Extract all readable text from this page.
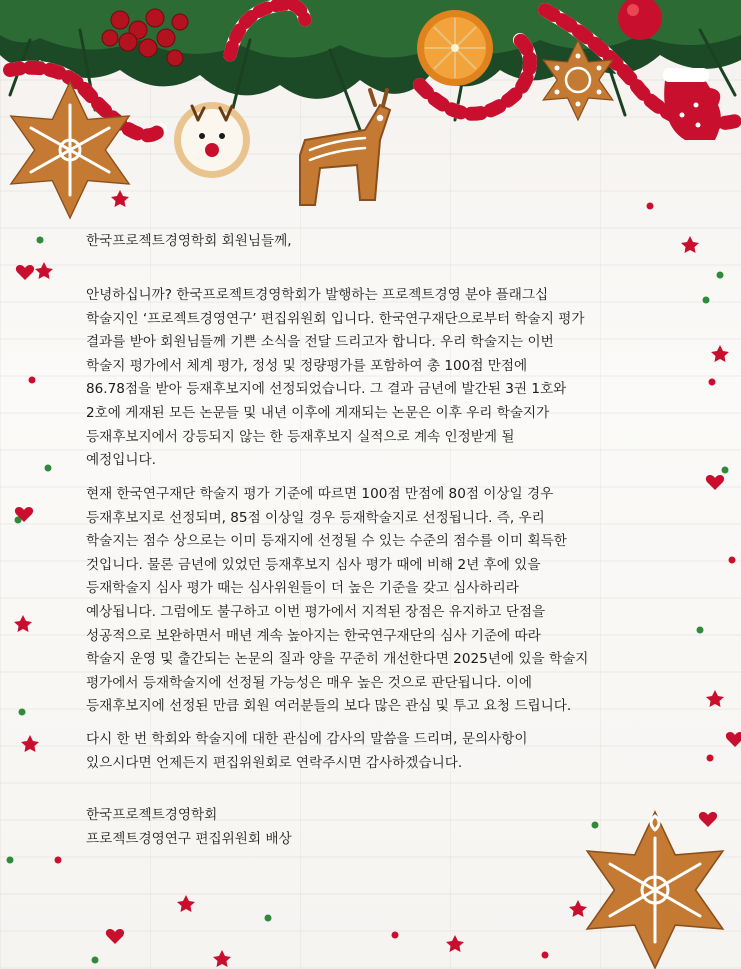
한국프로젝트경영학회 회원님들께,

안녕하십니까? 한국프로젝트경영학회가 발행하는 프로젝트경영 분야 플래그십

학술지인 ‘프로젝트경영연구’ 편집위원회 입니다. 한국연구재단으로부터 학술지 평가

결과를 받아 회원님들께 기쁜 소식을 전달 드리고자 합니다. 우리 학술지는 이번

학술지 평가에서 체계 평가, 정성 및 정량평가를 포함하여 총 100점 만점에

86.78점을 받아 등재후보지에 선정되었습니다. 그 결과 금년에 발간된 3권 1호와

2호에 게재된 모든 논문들 및 내년 이후에 게재되는 논문은 이후 우리 학술지가

등재후보지에서 강등되지 않는 한 등재후보지 실적으로 계속 인정받게 될

예정입니다.

현재 한국연구재단 학술지 평가 기준에 따르면 100점 만점에 80점 이상일 경우

등재후보지로 선정되며, 85점 이상일 경우 등재학술지로 선정됩니다. 즉, 우리

학술지는 점수 상으로는 이미 등재지에 선정될 수 있는 수준의 점수를 이미 획득한

것입니다. 물론 금년에 있었던 등재후보지 심사 평가 때에 비해 2년 후에 있을

등재학술지 심사 평가 때는 심사위원들이 더 높은 기준을 갖고 심사하리라

예상됩니다. 그럼에도 불구하고 이번 평가에서 지적된 장점은 유지하고 단점을

성공적으로 보완하면서 매년 계속 높아지는 한국연구재단의 심사 기준에 따라

학술지 운영 및 출간되는 논문의 질과 양을 꾸준히 개선한다면 2025년에 있을 학술지

평가에서 등재학술지에 선정될 가능성은 매우 높은 것으로 판단됩니다. 이에

등재후보지에 선정된 만큼 회원 여러분들의 보다 많은 관심 및 투고 요청 드립니다.

다시 한 번 학회와 학술지에 대한 관심에 감사의 말씀을 드리며, 문의사항이

있으시다면 언제든지 편집위원회로 연락주시면 감사하겠습니다.

한국프로젝트경영학회

프로젝트경영연구 편집위원회 배상
